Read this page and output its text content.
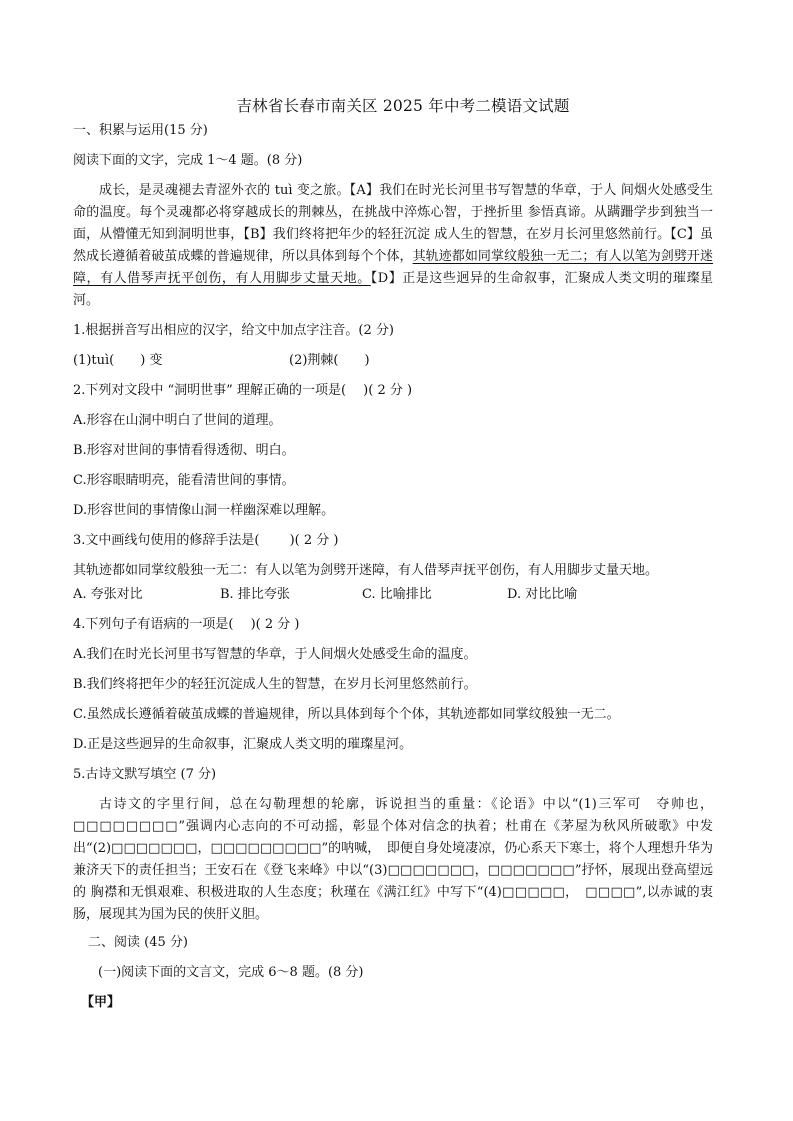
吉林省长春市南关区 2025 年中考二模语文试题
一、积累与运用(15 分)
阅读下面的文字，完成 1～4 题。(8 分)
成长，是灵魂褪去青涩外衣的 tuì 变之旅。【A】我们在时光长河里书写智慧的华章，于人 间烟火处感受生命的温度。每个灵魂都必将穿越成长的荆棘丛，在挑战中淬炼心智，于挫折里 参悟真谛。从蹒跚学步到独当一面，从懵懂无知到洞明世事，【B】我们终将把年少的轻狂沉淀 成人生的智慧，在岁月长河里悠然前行。【C】虽然成长遵循着破茧成蝶的普遍规律，所以具体到每个个体，其轨迹都如同掌纹般独一无二；有人以笔为剑劈开迷障，有人借琴声抚平创伤，有人用脚步丈量天地。【D】正是这些迥异的生命叙事，汇聚成人类文明的璀璨星河。
1.根据拼音写出相应的汉字，给文中加点字注音。(2 分)
(1)tuì(　　) 变	(2)荆棘(　　)
2.下列对文段中 “洞明世事” 理解正确的一项是(　 )( 2 分 )
A.形容在山洞中明白了世间的道理。
B.形容对世间的事情看得透彻、明白。
C.形容眼睛明亮，能看清世间的事情。
D.形容世间的事情像山洞一样幽深难以理解。
3.文中画线句使用的修辞手法是(　　 )( 2 分 )
其轨迹都如同掌纹般独一无二：有人以笔为剑劈开迷障，有人借琴声抚平创伤，有人用脚步丈量天地。
A. 夸张对比	B. 排比夸张	C. 比喻排比	D. 对比比喻
4.下列句子有语病的一项是(　 )( 2 分 )
A.我们在时光长河里书写智慧的华章，于人间烟火处感受生命的温度。
B.我们终将把年少的轻狂沉淀成人生的智慧，在岁月长河里悠然前行。
C.虽然成长遵循着破茧成蝶的普遍规律，所以具体到每个个体，其轨迹都如同掌纹般独一无二。
D.正是这些迥异的生命叙事，汇聚成人类文明的璀璨星河。
5.古诗文默写填空 (7 分)
古诗文的字里行间，总在勾勒理想的轮廓，诉说担当的重量：《论语》中以“(1)三军可　夺帅也，□□□□□□□□”强调内心志向的不可动摇，彰显个体对信念的执着；杜甫在《茅屋为秋风所破歌》中发出“(2)□□□□□□□，□□□□□□□□□”的呐喊，　即便自身处境凄凉，仍心系天下寒士，将个人理想升华为兼济天下的责任担当；王安石在《登飞来峰》中以“(3)□□□□□□□，□□□□□□□”抒怀，展现出登高望远的 胸襟和无惧艰难、积极进取的人生态度；秋瑾在《满江红》中写下“(4)□□□□□，　□□□□”,以赤诚的衷肠，展现其为国为民的侠肝义胆。
二、阅读 (45 分)
(一)阅读下面的文言文，完成 6～8 题。(8 分)
【甲】
